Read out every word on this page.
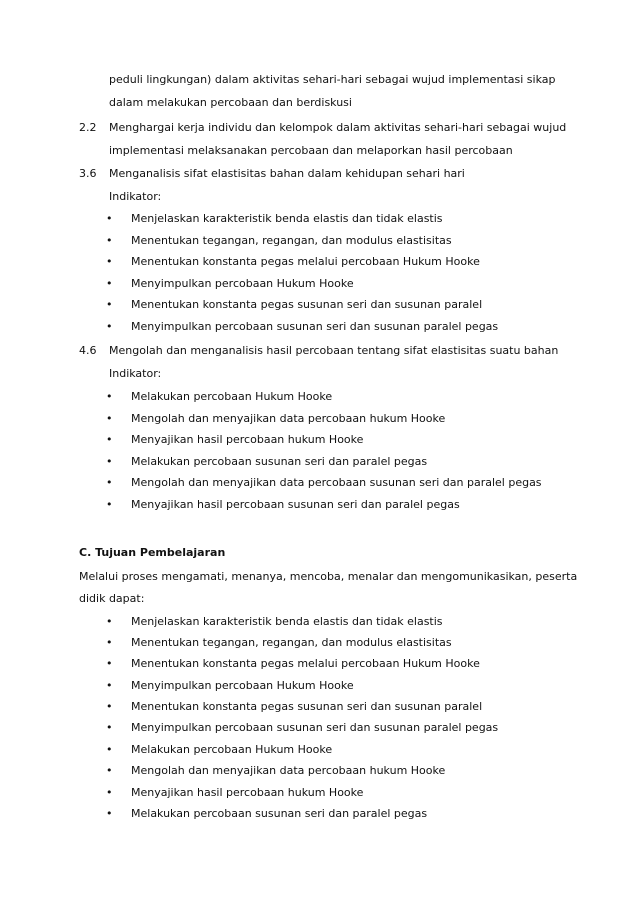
peduli lingkungan) dalam aktivitas sehari-hari sebagai wujud implementasi sikap
dalam melakukan percobaan dan berdiskusi
2.2 Menghargai kerja individu dan kelompok dalam aktivitas sehari-hari sebagai wujud
implementasi melaksanakan percobaan dan melaporkan hasil percobaan
3.6 Menganalisis sifat elastisitas bahan dalam kehidupan sehari hari
Indikator:
• Menjelaskan karakteristik benda elastis dan tidak elastis
• Menentukan tegangan, regangan, dan modulus elastisitas
• Menentukan konstanta pegas melalui percobaan Hukum Hooke
• Menyimpulkan percobaan Hukum Hooke
• Menentukan konstanta pegas susunan seri dan susunan paralel
• Menyimpulkan percobaan susunan seri dan susunan paralel pegas
4.6 Mengolah dan menganalisis hasil percobaan tentang sifat elastisitas suatu bahan
Indikator:
• Melakukan percobaan Hukum Hooke
• Mengolah dan menyajikan data percobaan hukum Hooke
• Menyajikan hasil percobaan hukum Hooke
• Melakukan percobaan susunan seri dan paralel pegas
• Mengolah dan menyajikan data percobaan susunan seri dan paralel pegas
• Menyajikan hasil percobaan susunan seri dan paralel pegas
C. Tujuan Pembelajaran
Melalui proses mengamati, menanya, mencoba, menalar dan mengomunikasikan, peserta
didik dapat:
• Menjelaskan karakteristik benda elastis dan tidak elastis
• Menentukan tegangan, regangan, dan modulus elastisitas
• Menentukan konstanta pegas melalui percobaan Hukum Hooke
• Menyimpulkan percobaan Hukum Hooke
• Menentukan konstanta pegas susunan seri dan susunan paralel
• Menyimpulkan percobaan susunan seri dan susunan paralel pegas
• Melakukan percobaan Hukum Hooke
• Mengolah dan menyajikan data percobaan hukum Hooke
• Menyajikan hasil percobaan hukum Hooke
• Melakukan percobaan susunan seri dan paralel pegas
